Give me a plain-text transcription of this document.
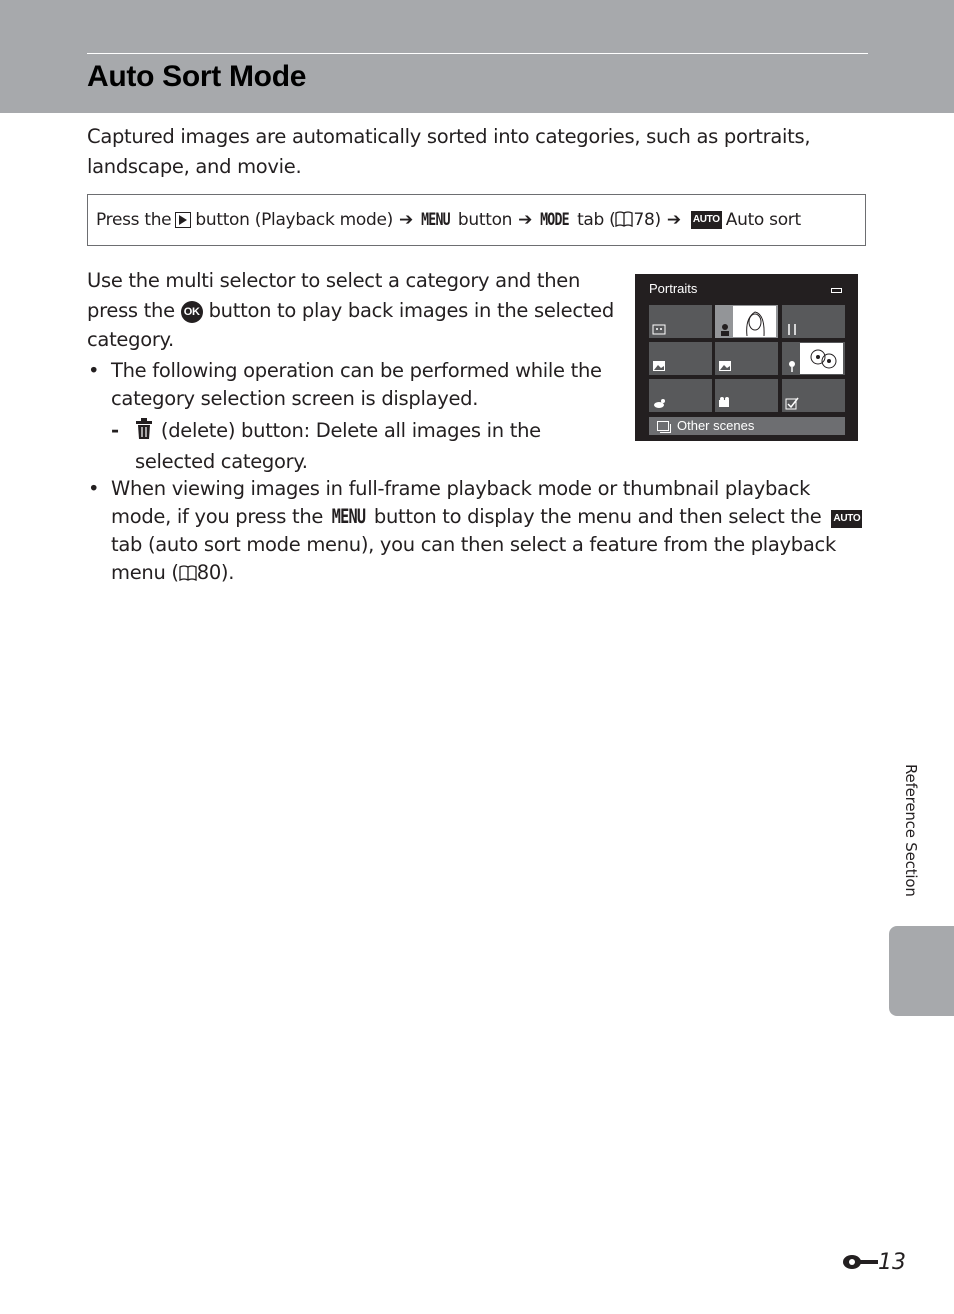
Auto Sort Mode

Captured images are automatically sorted into categories, such as portraits, landscape, and movie.

Press the button (Playback mode) ➔ MENU button ➔ MODE tab ( 78) ➔ AUTO Auto sort

Use the multi selector to select a category and then press the OK button to play back images in the selected category.

• The following operation can be performed while the category selection screen is displayed.
- (delete) button: Delete all images in the selected category.
• When viewing images in full-frame playback mode or thumbnail playback mode, if you press the MENU button to display the menu and then select the AUTO tab (auto sort mode menu), you can then select a feature from the playback menu ( 80).
Portraits
Other scenes
Reference Section
13
